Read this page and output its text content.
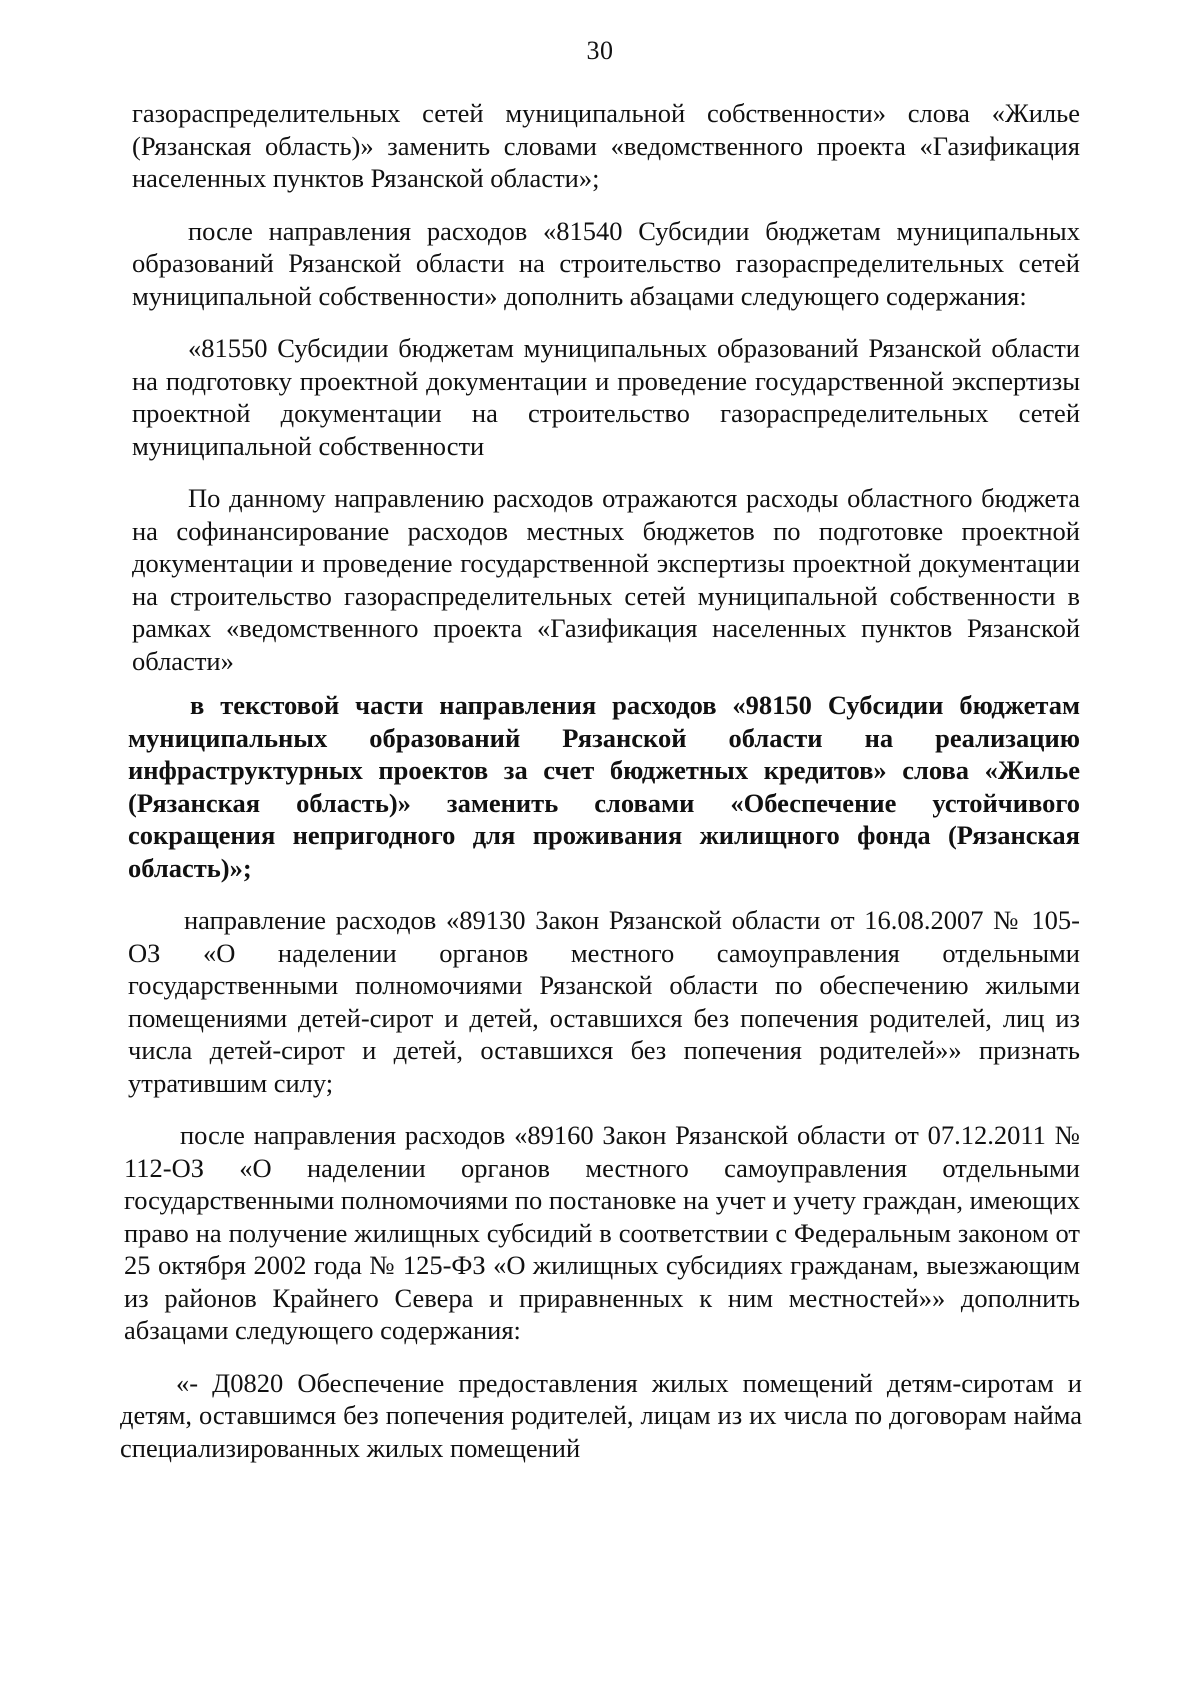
30

газораспределительных сетей муниципальной собственности» слова «Жилье (Рязанская область)» заменить словами «ведомственного проекта «Газификация населенных пунктов Рязанской области»;

после направления расходов «81540 Субсидии бюджетам муниципальных образований Рязанской области на строительство газораспределительных сетей муниципальной собственности» дополнить абзацами следующего содержания:

«81550 Субсидии бюджетам муниципальных образований Рязанской области на подготовку проектной документации и проведение государственной экспертизы проектной документации на строительство газораспределительных сетей муниципальной собственности

По данному направлению расходов отражаются расходы областного бюджета на софинансирование расходов местных бюджетов по подготовке проектной документации и проведение государственной экспертизы проектной документации на строительство газораспределительных сетей муниципальной собственности в рамках «ведомственного проекта «Газификация населенных пунктов Рязанской области»

в текстовой части направления расходов «98150 Субсидии бюджетам муниципальных образований Рязанской области на реализацию инфраструктурных проектов за счет бюджетных кредитов» слова «Жилье (Рязанская область)» заменить словами «Обеспечение устойчивого сокращения непригодного для проживания жилищного фонда (Рязанская область)»;

направление расходов «89130 Закон Рязанской области от 16.08.2007 № 105-ОЗ «О наделении органов местного самоуправления отдельными государственными полномочиями Рязанской области по обеспечению жилыми помещениями детей-сирот и детей, оставшихся без попечения родителей, лиц из числа детей-сирот и детей, оставшихся без попечения родителей»» признать утратившим силу;

после направления расходов «89160 Закон Рязанской области от 07.12.2011 № 112-ОЗ «О наделении органов местного самоуправления отдельными государственными полномочиями по постановке на учет и учету граждан, имеющих право на получение жилищных субсидий в соответствии с Федеральным законом от 25 октября 2002 года № 125-ФЗ «О жилищных субсидиях гражданам, выезжающим из районов Крайнего Севера и приравненных к ним местностей»» дополнить абзацами следующего содержания:

«- Д0820 Обеспечение предоставления жилых помещений детям-сиротам и детям, оставшимся без попечения родителей, лицам из их числа по договорам найма специализированных жилых помещений
